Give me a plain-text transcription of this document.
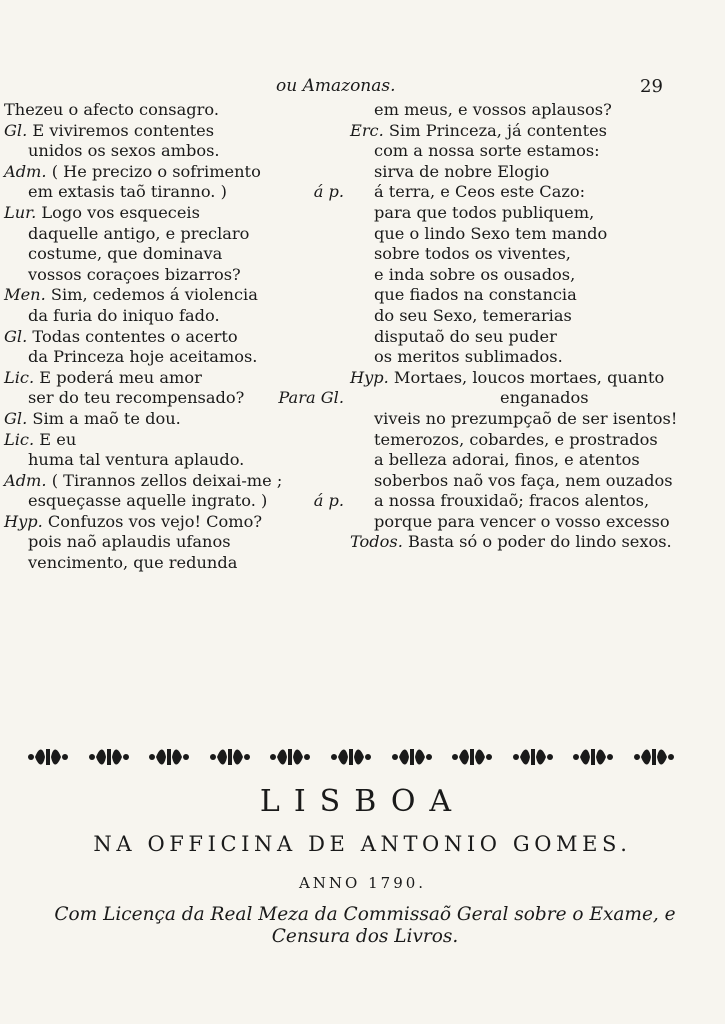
ou Amazonas.	29
Thezeu o afecto consagro.
Gl. E viviremos contentes
unidos os sexos ambos.
Adm. ( He precizo o sofrimento
em extasis taõ tiranno. )	á p.
Lur. Logo vos esqueceis
daquelle antigo, e preclaro
costume, que dominava
vossos coraçoes bizarros?
Men. Sim, cedemos á violencia
da furia do iniquo fado.
Gl. Todas contentes o acerto
da Princeza hoje aceitamos.
Lic. E poderá meu amor
ser do teu recompensado? Para Gl.
Gl. Sim a maõ te dou.
Lic. E eu
huma tal ventura aplaudo.
Adm. ( Tirannos zellos deixai-me ;
esqueçasse aquelle ingrato. )	á p.
Hyp. Confuzos vos vejo! Como?
pois naõ aplaudis ufanos
vencimento, que redunda
em meus, e vossos aplausos?
Erc. Sim Princeza, já contentes
com a nossa sorte estamos:
sirva de nobre Elogio
á terra, e Ceos este Cazo:
para que todos publiquem,
que o lindo Sexo tem mando
sobre todos os viventes,
e inda sobre os ousados,
que fiados na constancia
do seu Sexo, temerarias
disputaõ do seu puder
os meritos sublimados.
Hyp. Mortaes, loucos mortaes, quanto
enganados
viveis no prezumpçaõ de ser isentos!
temerozos, cobardes, e prostrados
a belleza adorai, finos, e atentos
soberbos naõ vos faça, nem ouzados
a nossa frouxidaõ; fracos alentos,
porque para vencer o vosso excesso
Todos. Basta só o poder do lindo sexos.
LISBOA
NA OFFICINA DE ANTONIO GOMES.
ANNO 1790.
Com Licença da Real Meza da Commissaõ Geral sobre o Exame, e
Censura dos Livros.
